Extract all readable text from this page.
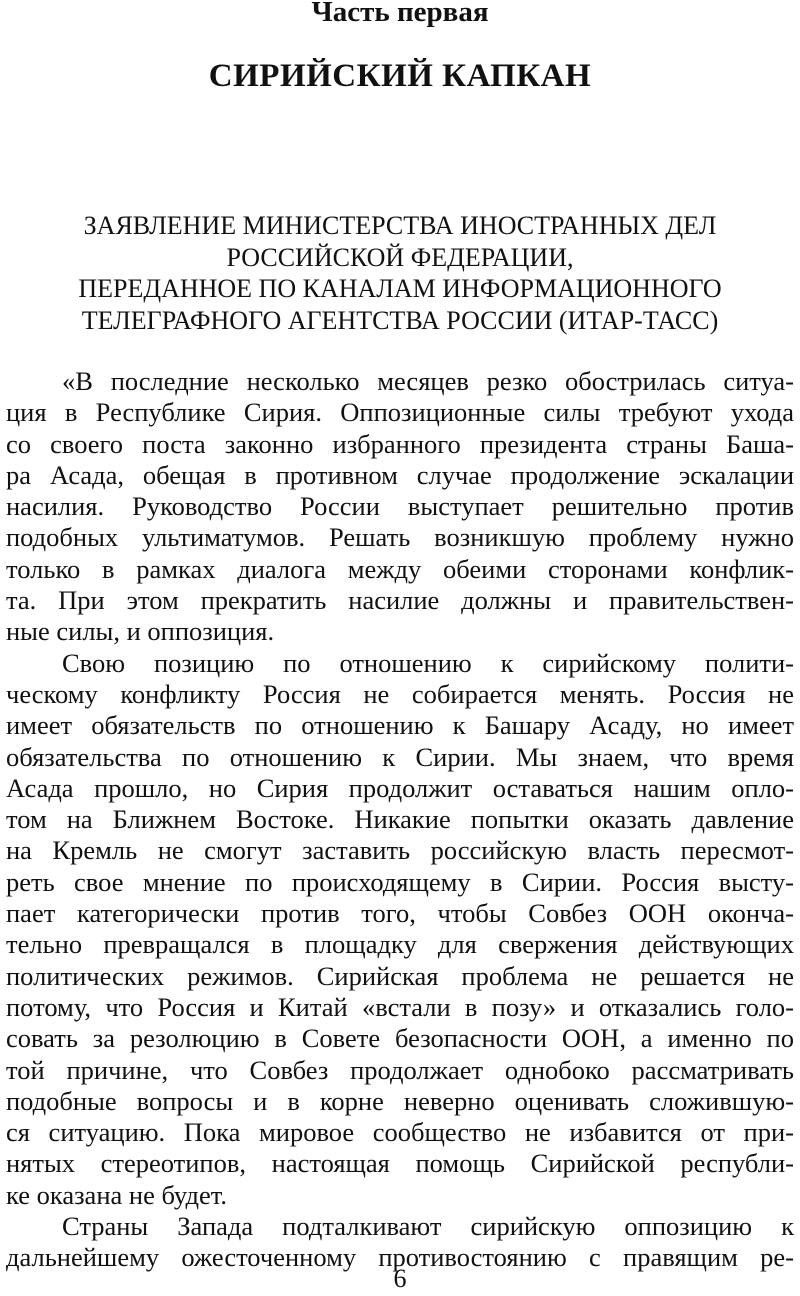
Часть первая
СИРИЙСКИЙ КАПКАН
ЗАЯВЛЕНИЕ МИНИСТЕРСТВА ИНОСТРАННЫХ ДЕЛ
РОССИЙСКОЙ ФЕДЕРАЦИИ,
ПЕРЕДАННОЕ ПО КАНАЛАМ ИНФОРМАЦИОННОГО
ТЕЛЕГРАФНОГО АГЕНТСТВА РОССИИ (ИТАР-ТАСС)
«В последние несколько месяцев резко обострилась ситуа-
ция в Республике Сирия. Оппозиционные силы требуют ухода
со своего поста законно избранного президента страны Баша-
ра Асада, обещая в противном случае продолжение эскалации
насилия. Руководство России выступает решительно против
подобных ультиматумов. Решать возникшую проблему нужно
только в рамках диалога между обеими сторонами конфлик-
та. При этом прекратить насилие должны и правительствен-
ные силы, и оппозиция.
Свою позицию по отношению к сирийскому полити-
ческому конфликту Россия не собирается менять. Россия не
имеет обязательств по отношению к Башару Асаду, но имеет
обязательства по отношению к Сирии. Мы знаем, что время
Асада прошло, но Сирия продолжит оставаться нашим опло-
том на Ближнем Востоке. Никакие попытки оказать давление
на Кремль не смогут заставить российскую власть пересмот-
реть свое мнение по происходящему в Сирии. Россия высту-
пает категорически против того, чтобы Совбез ООН оконча-
тельно превращался в площадку для свержения действующих
политических режимов. Сирийская проблема не решается не
потому, что Россия и Китай «встали в позу» и отказались голо-
совать за резолюцию в Совете безопасности ООН, а именно по
той причине, что Совбез продолжает однобоко рассматривать
подобные вопросы и в корне неверно оценивать сложившую-
ся ситуацию. Пока мировое сообщество не избавится от при-
нятых стереотипов, настоящая помощь Сирийской республи-
ке оказана не будет.
Страны Запада подталкивают сирийскую оппозицию к
дальнейшему ожесточенному противостоянию с правящим ре-
6
